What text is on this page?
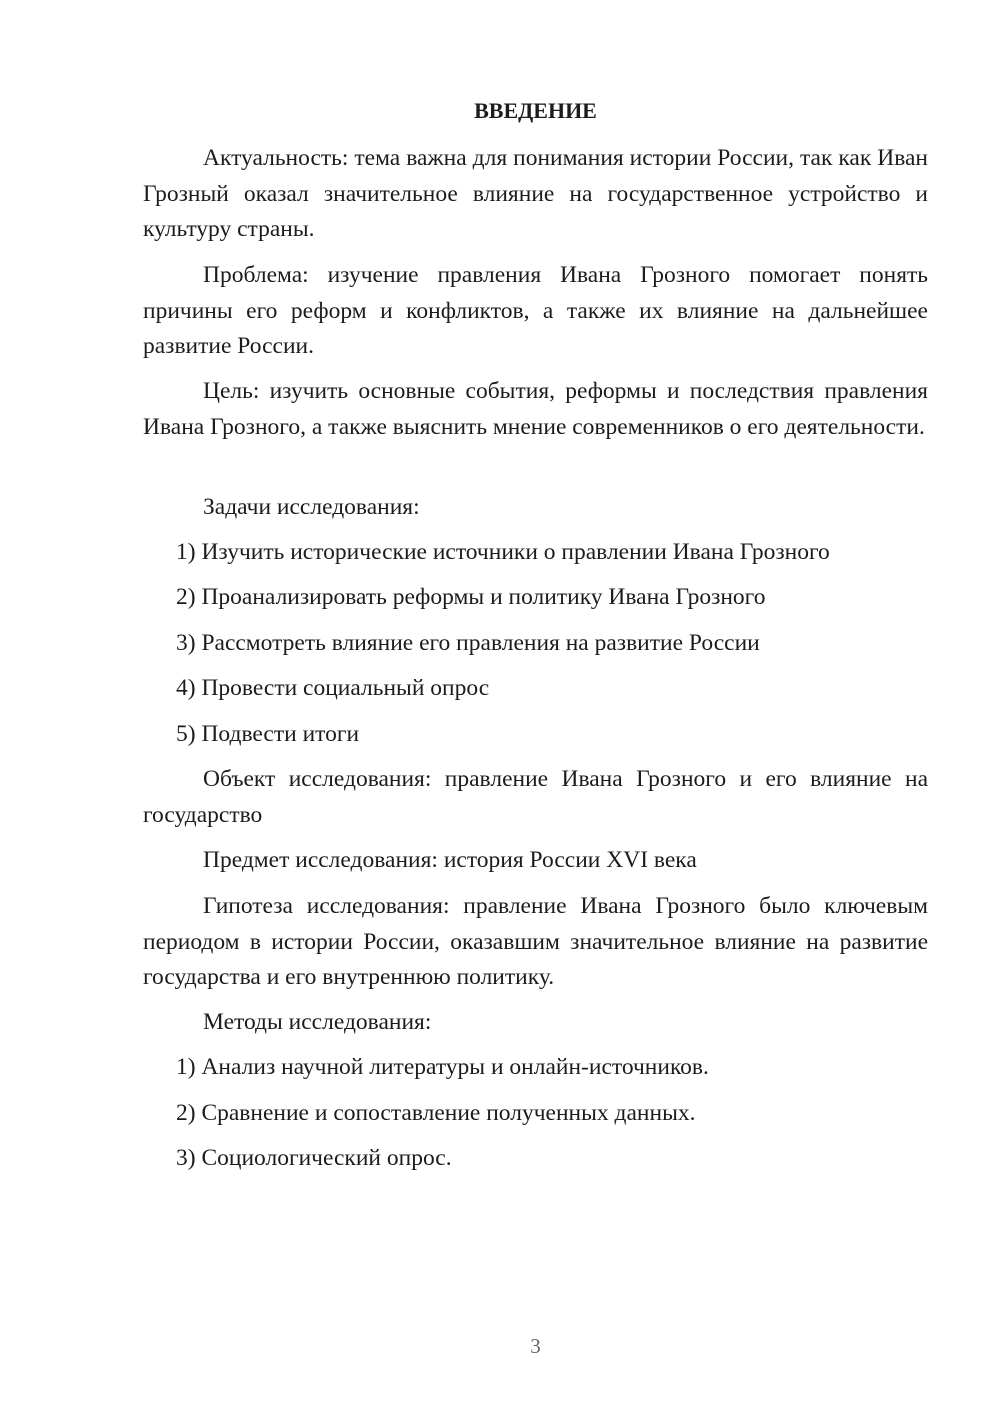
ВВЕДЕНИЕ

Актуальность: тема важна для понимания истории России, так как Иван Грозный оказал значительное влияние на государственное устройство и культуру страны.

Проблема: изучение правления Ивана Грозного помогает понять причины его реформ и конфликтов, а также их влияние на дальнейшее развитие России.

Цель: изучить основные события, реформы и последствия правления Ивана Грозного, а также выяснить мнение современников о его деятельности.

Задачи исследования:

1) Изучить исторические источники о правлении Ивана Грозного

2) Проанализировать реформы и политику Ивана Грозного

3) Рассмотреть влияние его правления на развитие России

4) Провести социальный опрос

5) Подвести итоги

Объект исследования: правление Ивана Грозного и его влияние на государство

Предмет исследования: история России XVI века

Гипотеза исследования: правление Ивана Грозного было ключевым периодом в истории России, оказавшим значительное влияние на развитие государства и его внутреннюю политику.

Методы исследования:

1) Анализ научной литературы и онлайн-источников.

2) Сравнение и сопоставление полученных данных.

3) Социологический опрос.

3
